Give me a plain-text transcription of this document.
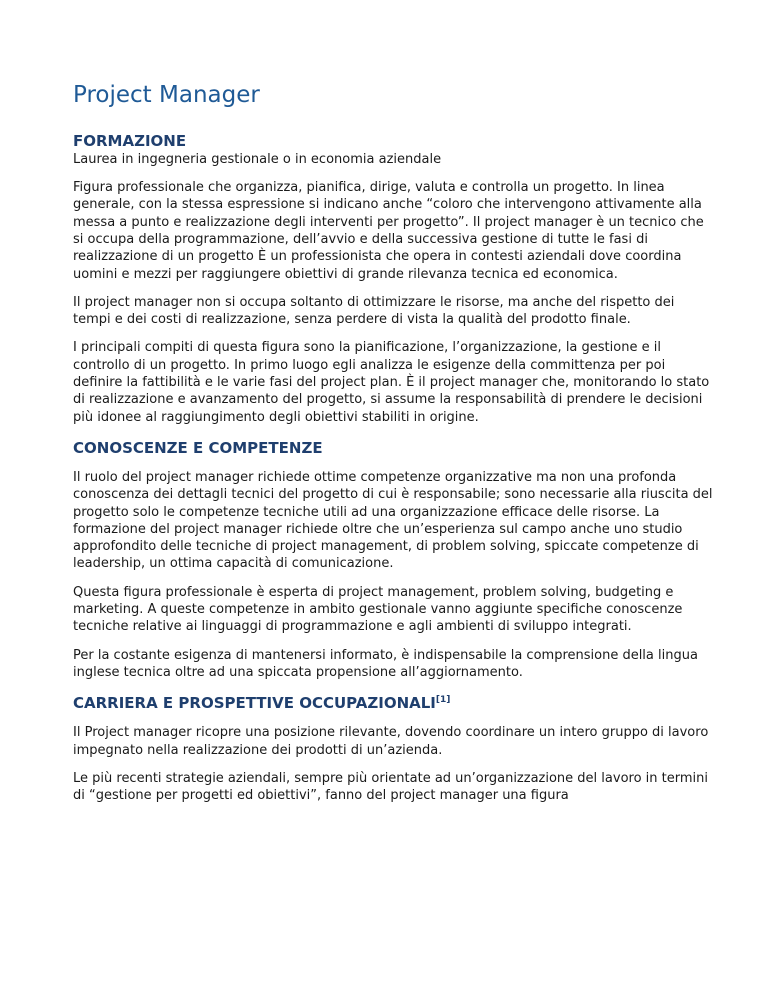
Project Manager
FORMAZIONE

Laurea in ingegneria gestionale o in economia aziendale

Figura professionale che organizza, pianifica, dirige, valuta e controlla un progetto. In linea generale, con la stessa espressione si indicano anche “coloro che intervengono attivamente alla messa a punto e realizzazione degli interventi per progetto”. Il project manager è un tecnico che si occupa della programmazione, dell’avvio e della successiva gestione di tutte le fasi di realizzazione di un progetto È un professionista che opera in contesti aziendali dove coordina uomini e mezzi per raggiungere obiettivi di grande rilevanza tecnica ed economica.

Il project manager non si occupa soltanto di ottimizzare le risorse, ma anche del rispetto dei tempi e dei costi di realizzazione, senza perdere di vista la qualità del prodotto finale.

I principali compiti di questa figura sono la pianificazione, l’organizzazione, la gestione e il controllo di un progetto. In primo luogo egli analizza le esigenze della committenza per poi definire la fattibilità e le varie fasi del project plan. È il project manager che, monitorando lo stato di realizzazione e avanzamento del progetto, si assume la responsabilità di prendere le decisioni più idonee al raggiungimento degli obiettivi stabiliti in origine.

CONOSCENZE E COMPETENZE

Il ruolo del project manager richiede ottime competenze organizzative ma non una profonda conoscenza dei dettagli tecnici del progetto di cui è responsabile; sono necessarie alla riuscita del progetto solo le competenze tecniche utili ad una organizzazione efficace delle risorse. La formazione del project manager richiede oltre che un’esperienza sul campo anche uno studio approfondito delle tecniche di project management, di problem solving, spiccate competenze di leadership, un ottima capacità di comunicazione.

Questa figura professionale è esperta di project management, problem solving, budgeting e marketing. A queste competenze in ambito gestionale vanno aggiunte specifiche conoscenze tecniche relative ai linguaggi di programmazione e agli ambienti di sviluppo integrati.

Per la costante esigenza di mantenersi informato, è indispensabile la comprensione della lingua inglese tecnica oltre ad una spiccata propensione all’aggiornamento.

CARRIERA E PROSPETTIVE OCCUPAZIONALI[1]

Il Project manager ricopre una posizione rilevante, dovendo coordinare un intero gruppo di lavoro impegnato nella realizzazione dei prodotti di un’azienda.

Le più recenti strategie aziendali, sempre più orientate ad un’organizzazione del lavoro in termini di “gestione per progetti ed obiettivi”, fanno del project manager una figura
